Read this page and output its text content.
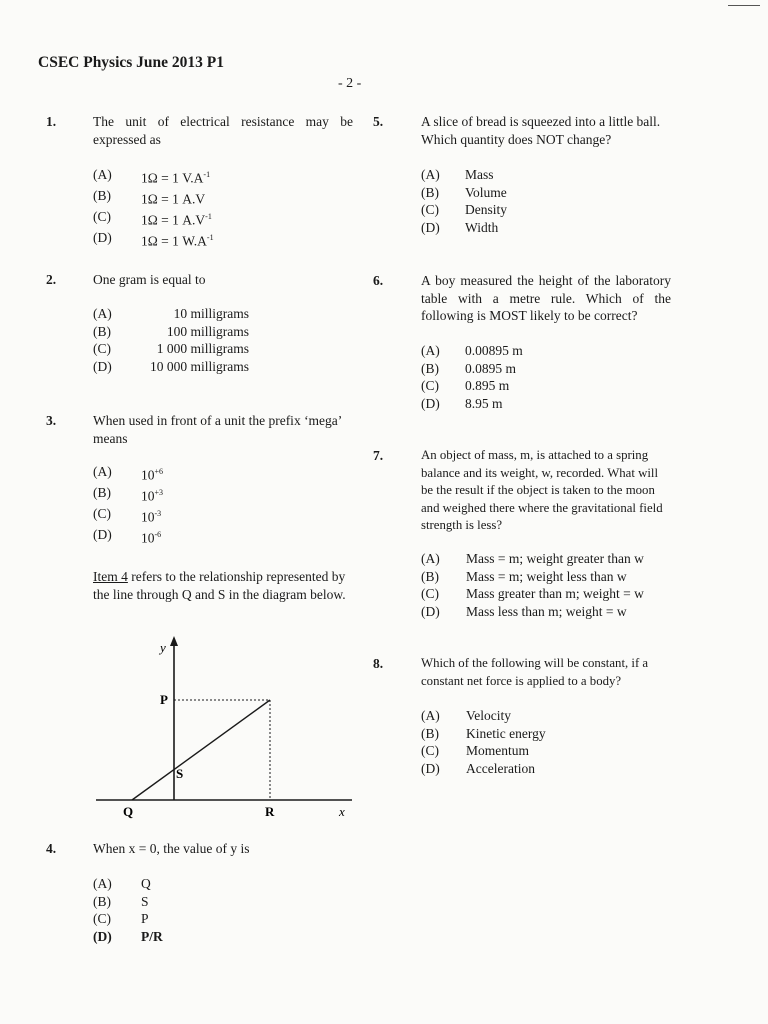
CSEC Physics June 2013 P1
- 2 -
1.	The unit of electrical resistance may be expressed as
(A)	1Ω = 1 $V.A^{-1}$
(B)	1Ω = 1 A.V
(C)	1Ω = 1 $A.V^{-1}$
(D)	1Ω = 1 $W.A^{-1}$
2.	One gram is equal to
(A)	10 milligrams
(B)	100 milligrams
(C)	1 000 milligrams
(D)	10 000 milligrams
3.	When used in front of a unit the prefix ‘mega’ means
(A)	$10^{+6}$
(B)	$10^{+3}$
(C)	$10^{-3}$
(D)	$10^{-6}$
Item 4 refers to the relationship represented by the line through Q and S in the diagram below.
y
P
S
Q	R	x
4.	When x = 0, the value of y is
(A)	Q
(B)	S
(C)	P
(D)	P/R
5.	A slice of bread is squeezed into a little ball. Which quantity does NOT change?
(A)	Mass
(B)	Volume
(C)	Density
(D)	Width
6.	A boy measured the height of the laboratory table with a metre rule. Which of the following is MOST likely to be correct?
(A)	0.00895 m
(B)	0.0895 m
(C)	0.895 m
(D)	8.95 m
7.	An object of mass, m, is attached to a spring balance and its weight, w, recorded. What will be the result if the object is taken to the moon and weighed there where the gravitational field strength is less?
(A)	Mass = m; weight greater than w
(B)	Mass = m; weight less than w
(C)	Mass greater than m; weight = w
(D)	Mass less than m; weight = w
8.	Which of the following will be constant, if a constant net force is applied to a body?
(A)	Velocity
(B)	Kinetic energy
(C)	Momentum
(D)	Acceleration
